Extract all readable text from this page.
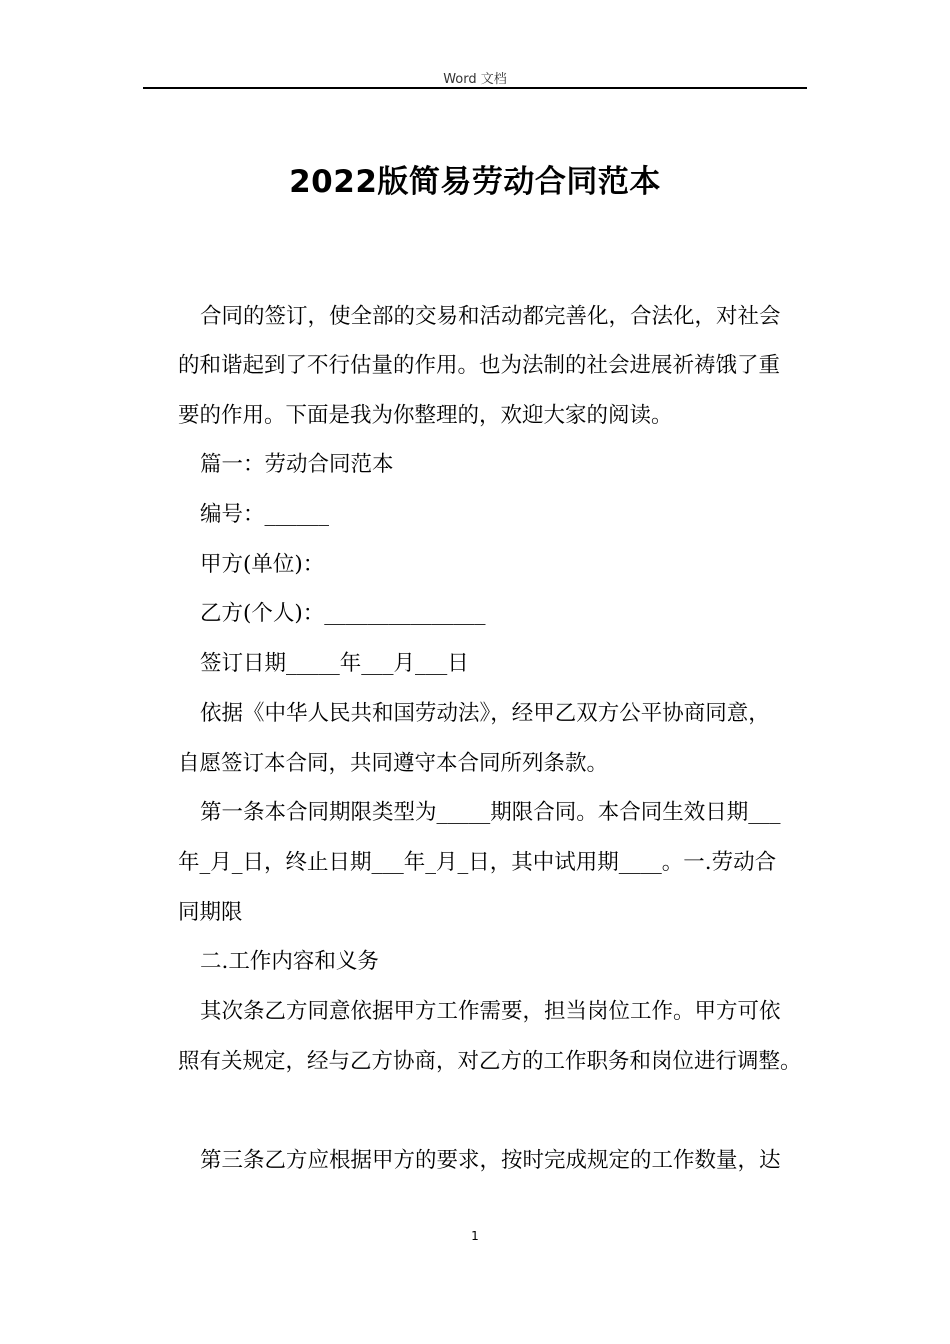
Word 文档
2022版简易劳动合同范本
合同的签订，使全部的交易和活动都完善化，合法化，对社会
的和谐起到了不行估量的作用。也为法制的社会进展祈祷饿了重
要的作用。下面是我为你整理的，欢迎大家的阅读。
篇一：劳动合同范本
编号：______
甲方(单位)：
乙方(个人)：_______________
签订日期_____年___月___日
依据《中华人民共和国劳动法》，经甲乙双方公平协商同意，
自愿签订本合同，共同遵守本合同所列条款。
第一条本合同期限类型为_____期限合同。本合同生效日期___
年_月_日，终止日期___年_月_日，其中试用期____。一.劳动合
同期限
二.工作内容和义务
其次条乙方同意依据甲方工作需要，担当岗位工作。甲方可依
照有关规定，经与乙方协商，对乙方的工作职务和岗位进行调整。
第三条乙方应根据甲方的要求，按时完成规定的工作数量，达
1
